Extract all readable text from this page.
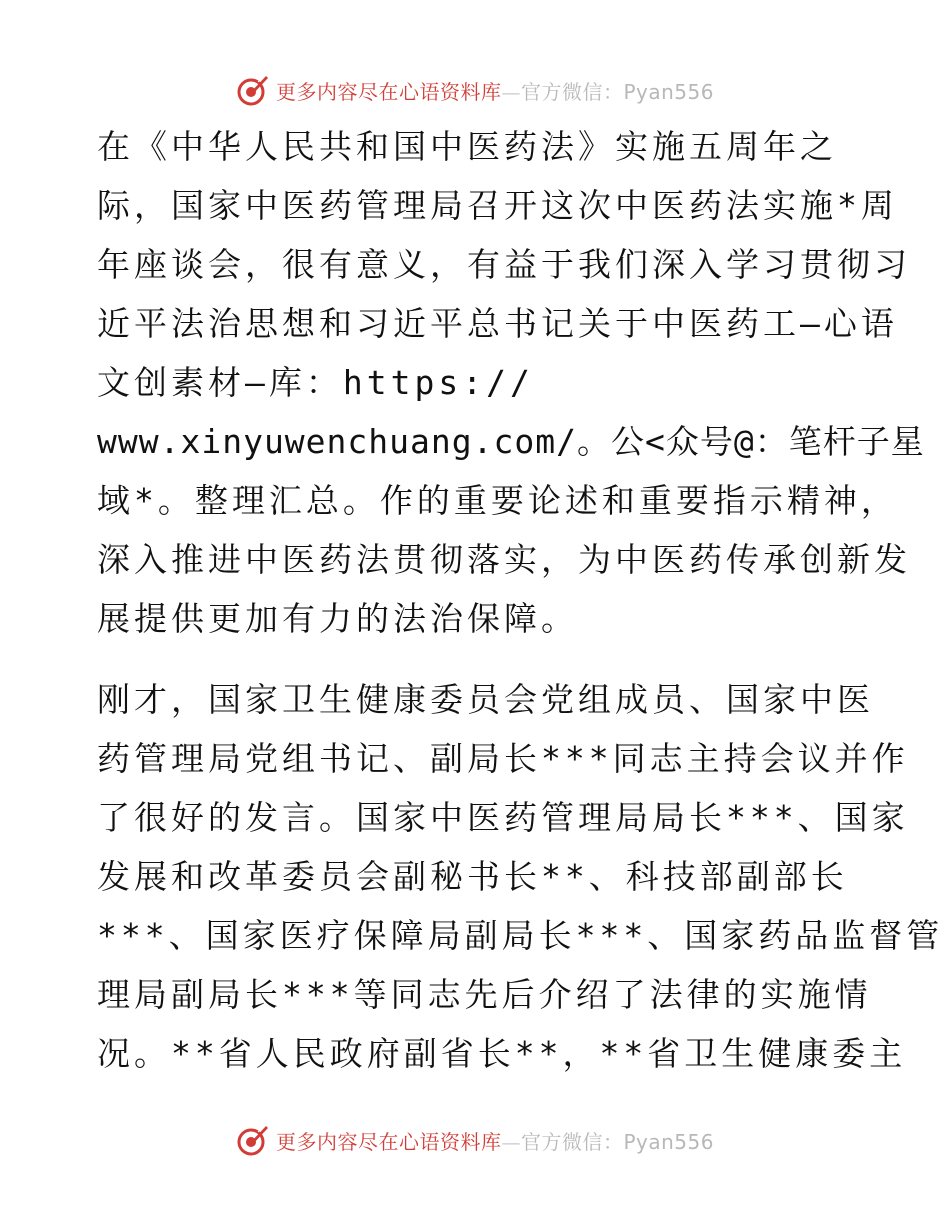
更多内容尽在心语资料库—官方微信：Pyan556
在《中华人民共和国中医药法》实施五周年之
际，国家中医药管理局召开这次中医药法实施*周
年座谈会，很有意义，有益于我们深入学习贯彻习
近平法治思想和习近平总书记关于中医药工—心语
文创素材—库：https://
www.xinyuwenchuang.com/。公<众号@：笔杆子星
域*。整理汇总。作的重要论述和重要指示精神，
深入推进中医药法贯彻落实，为中医药传承创新发
展提供更加有力的法治保障。
刚才，国家卫生健康委员会党组成员、国家中医
药管理局党组书记、副局长***同志主持会议并作
了很好的发言。国家中医药管理局局长***、国家
发展和改革委员会副秘书长**、科技部副部长
***、国家医疗保障局副局长***、国家药品监督管
理局副局长***等同志先后介绍了法律的实施情
况。**省人民政府副省长**，**省卫生健康委主
更多内容尽在心语资料库—官方微信：Pyan556
